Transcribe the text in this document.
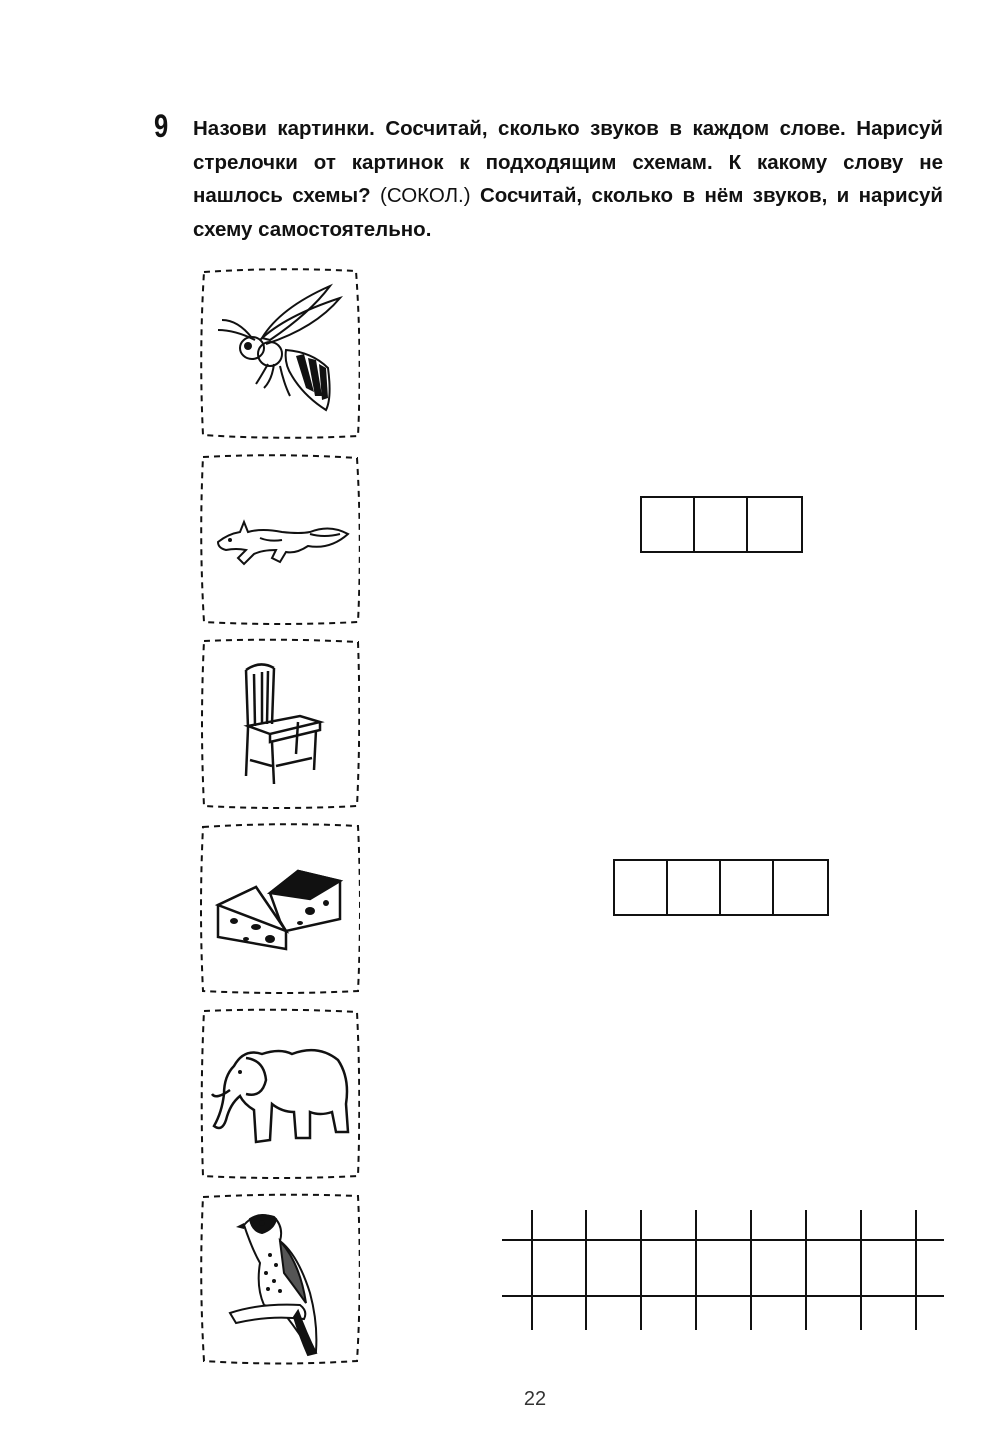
9 Назови картинки. Сосчитай, сколько звуков в каждом слове. Нарисуй стрелочки от картинок к подходящим схемам. К какому слову не нашлось схемы? (СОКОЛ.) Сосчитай, сколько в нём звуков, и нарисуй схему самостоятельно.
22
